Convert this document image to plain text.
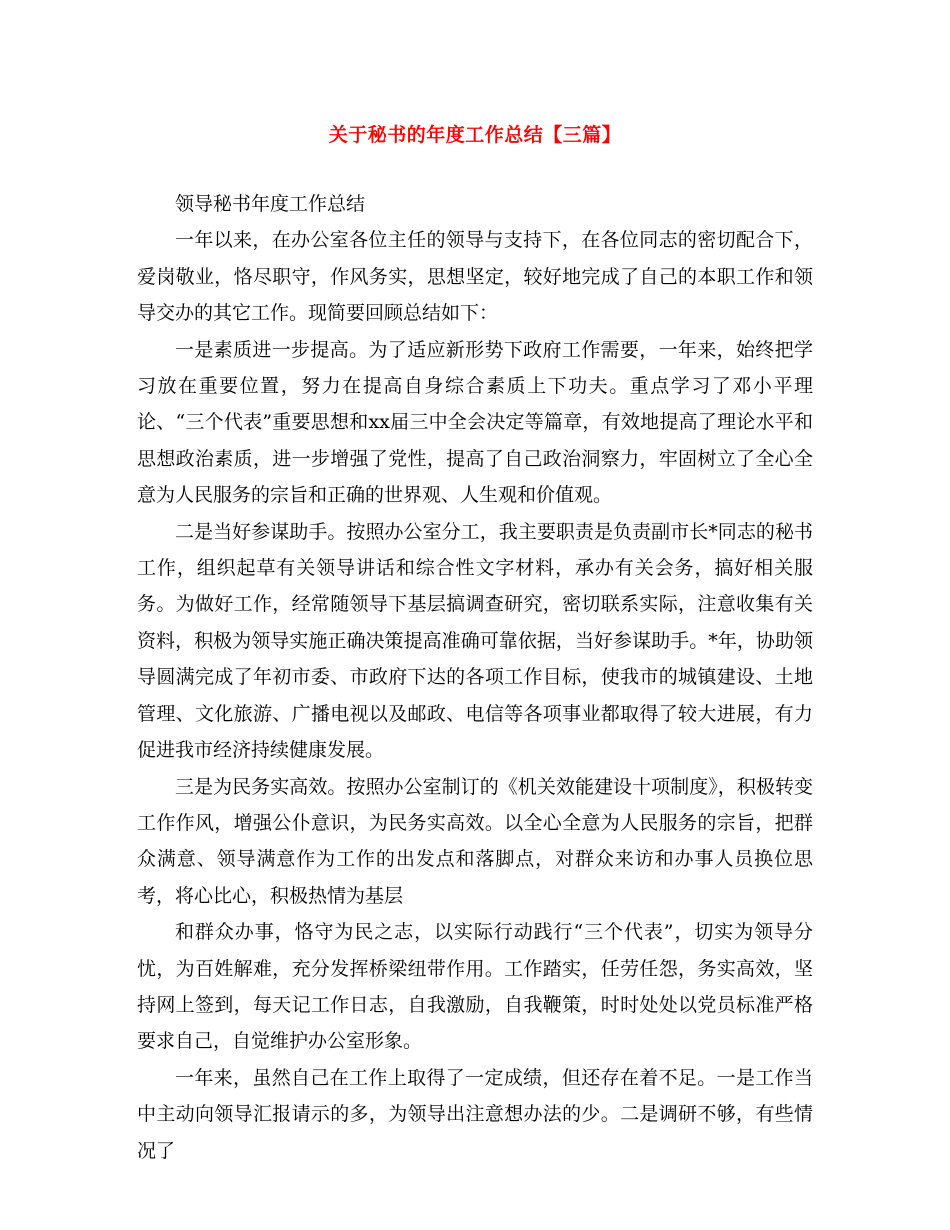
关于秘书的年度工作总结【三篇】

领导秘书年度工作总结

一年以来，在办公室各位主任的领导与支持下，在各位同志的密切配合下，爱岗敬业，恪尽职守，作风务实，思想坚定，较好地完成了自己的本职工作和领导交办的其它工作。现简要回顾总结如下：

一是素质进一步提高。为了适应新形势下政府工作需要，一年来，始终把学习放在重要位置，努力在提高自身综合素质上下功夫。重点学习了邓小平理论、“三个代表”重要思想和xx届三中全会决定等篇章，有效地提高了理论水平和思想政治素质，进一步增强了党性，提高了自己政治洞察力，牢固树立了全心全意为人民服务的宗旨和正确的世界观、人生观和价值观。

二是当好参谋助手。按照办公室分工，我主要职责是负责副市长*同志的秘书工作，组织起草有关领导讲话和综合性文字材料，承办有关会务，搞好相关服务。为做好工作，经常随领导下基层搞调查研究，密切联系实际，注意收集有关资料，积极为领导实施正确决策提高准确可靠依据，当好参谋助手。*年，协助领导圆满完成了年初市委、市政府下达的各项工作目标，使我市的城镇建设、土地管理、文化旅游、广播电视以及邮政、电信等各项事业都取得了较大进展，有力促进我市经济持续健康发展。

三是为民务实高效。按照办公室制订的《机关效能建设十项制度》，积极转变工作作风，增强公仆意识，为民务实高效。以全心全意为人民服务的宗旨，把群众满意、领导满意作为工作的出发点和落脚点，对群众来访和办事人员换位思考，将心比心，积极热情为基层

和群众办事，恪守为民之志，以实际行动践行“三个代表”，切实为领导分忧，为百姓解难，充分发挥桥梁纽带作用。工作踏实，任劳任怨，务实高效，坚持网上签到，每天记工作日志，自我激励，自我鞭策，时时处处以党员标准严格要求自己，自觉维护办公室形象。

一年来，虽然自己在工作上取得了一定成绩，但还存在着不足。一是工作当中主动向领导汇报请示的多，为领导出注意想办法的少。二是调研不够，有些情况了
